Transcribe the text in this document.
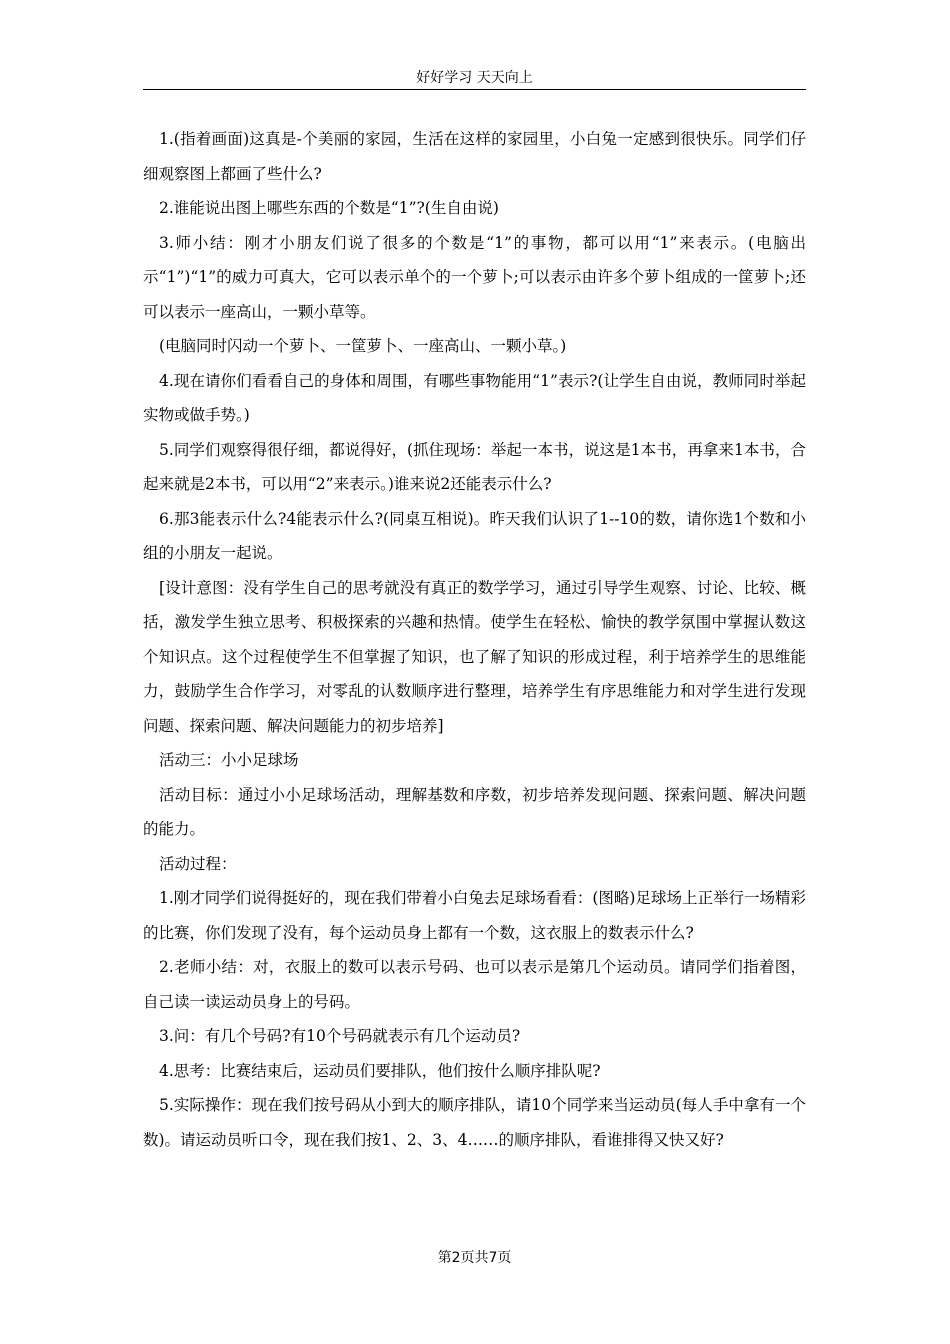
好好学习 天天向上

1.(指着画面)这真是-个美丽的家园，生活在这样的家园里，小白兔一定感到很快乐。同学们仔细观察图上都画了些什么?

2.谁能说出图上哪些东西的个数是“1”?(生自由说)

3.师小结：刚才小朋友们说了很多的个数是“1”的事物，都可以用“1”来表示。(电脑出示“1”)“1”的威力可真大，它可以表示单个的一个萝卜;可以表示由许多个萝卜组成的一筐萝卜;还可以表示一座高山，一颗小草等。

(电脑同时闪动一个萝卜、一筐萝卜、一座高山、一颗小草。)

4.现在请你们看看自己的身体和周围，有哪些事物能用“1”表示?(让学生自由说，教师同时举起实物或做手势。)

5.同学们观察得很仔细，都说得好，(抓住现场：举起一本书，说这是1本书，再拿来1本书，合起来就是2本书，可以用“2”来表示。)谁来说2还能表示什么?

6.那3能表示什么?4能表示什么?(同桌互相说)。昨天我们认识了1--10的数，请你选1个数和小组的小朋友一起说。

[设计意图：没有学生自己的思考就没有真正的数学学习，通过引导学生观察、讨论、比较、概括，激发学生独立思考、积极探索的兴趣和热情。使学生在轻松、愉快的教学氛围中掌握认数这个知识点。这个过程使学生不但掌握了知识，也了解了知识的形成过程，利于培养学生的思维能力，鼓励学生合作学习，对零乱的认数顺序进行整理，培养学生有序思维能力和对学生进行发现问题、探索问题、解决问题能力的初步培养]

活动三：小小足球场

活动目标：通过小小足球场活动，理解基数和序数，初步培养发现问题、探索问题、解决问题的能力。

活动过程：

1.刚才同学们说得挺好的，现在我们带着小白兔去足球场看看：(图略)足球场上正举行一场精彩的比赛，你们发现了没有，每个运动员身上都有一个数，这衣服上的数表示什么?

2.老师小结：对，衣服上的数可以表示号码、也可以表示是第几个运动员。请同学们指着图，自己读一读运动员身上的号码。

3.问：有几个号码?有10个号码就表示有几个运动员?

4.思考：比赛结束后，运动员们要排队，他们按什么顺序排队呢?

5.实际操作：现在我们按号码从小到大的顺序排队，请10个同学来当运动员(每人手中拿有一个数)。请运动员听口令，现在我们按1、2、3、4……的顺序排队，看谁排得又快又好?

第2页共7页
